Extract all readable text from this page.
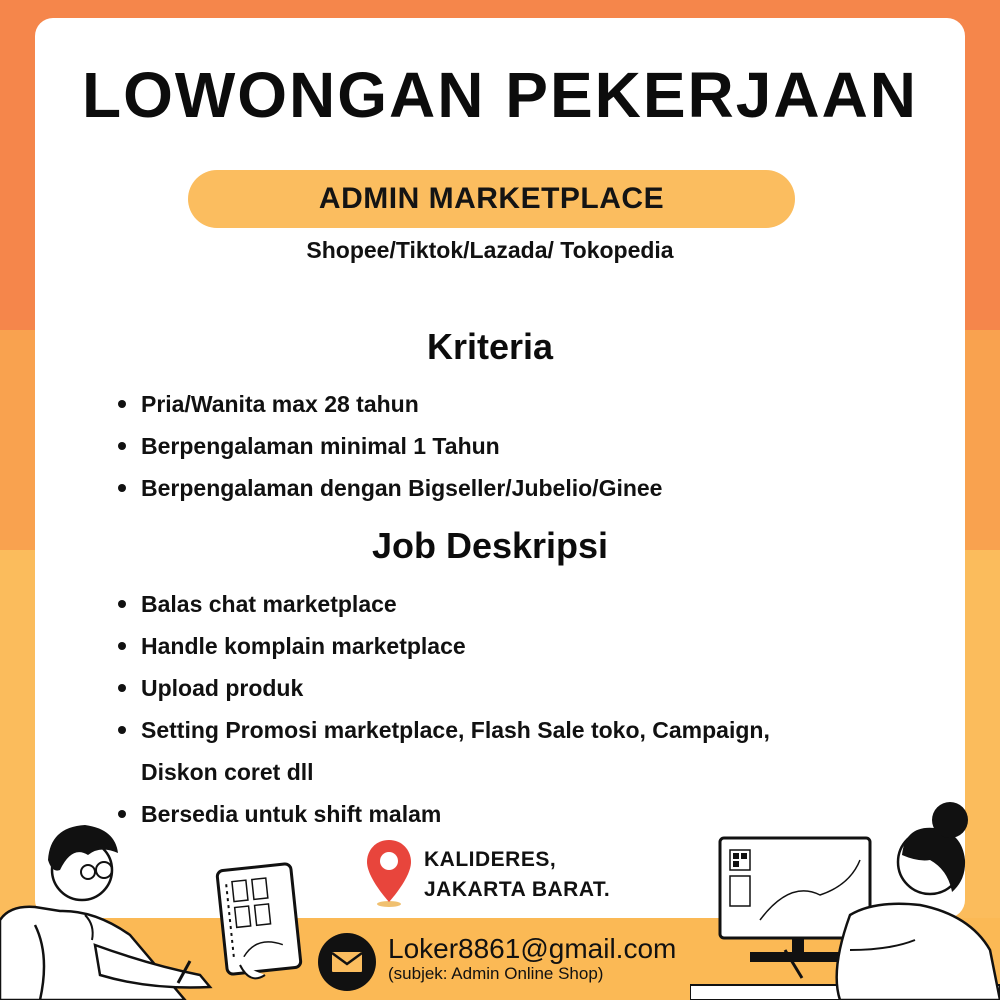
LOWONGAN PEKERJAAN
ADMIN MARKETPLACE
Shopee/Tiktok/Lazada/ Tokopedia
Kriteria
Pria/Wanita max 28 tahun
Berpengalaman minimal 1 Tahun
Berpengalaman dengan Bigseller/Jubelio/Ginee
Job Deskripsi
Balas chat marketplace
Handle komplain marketplace
Upload produk
Setting Promosi marketplace, Flash Sale toko, Campaign,
Diskon coret dll
Bersedia untuk shift malam
KALIDERES,
JAKARTA BARAT.
Loker8861@gmail.com
(subjek: Admin Online Shop)
